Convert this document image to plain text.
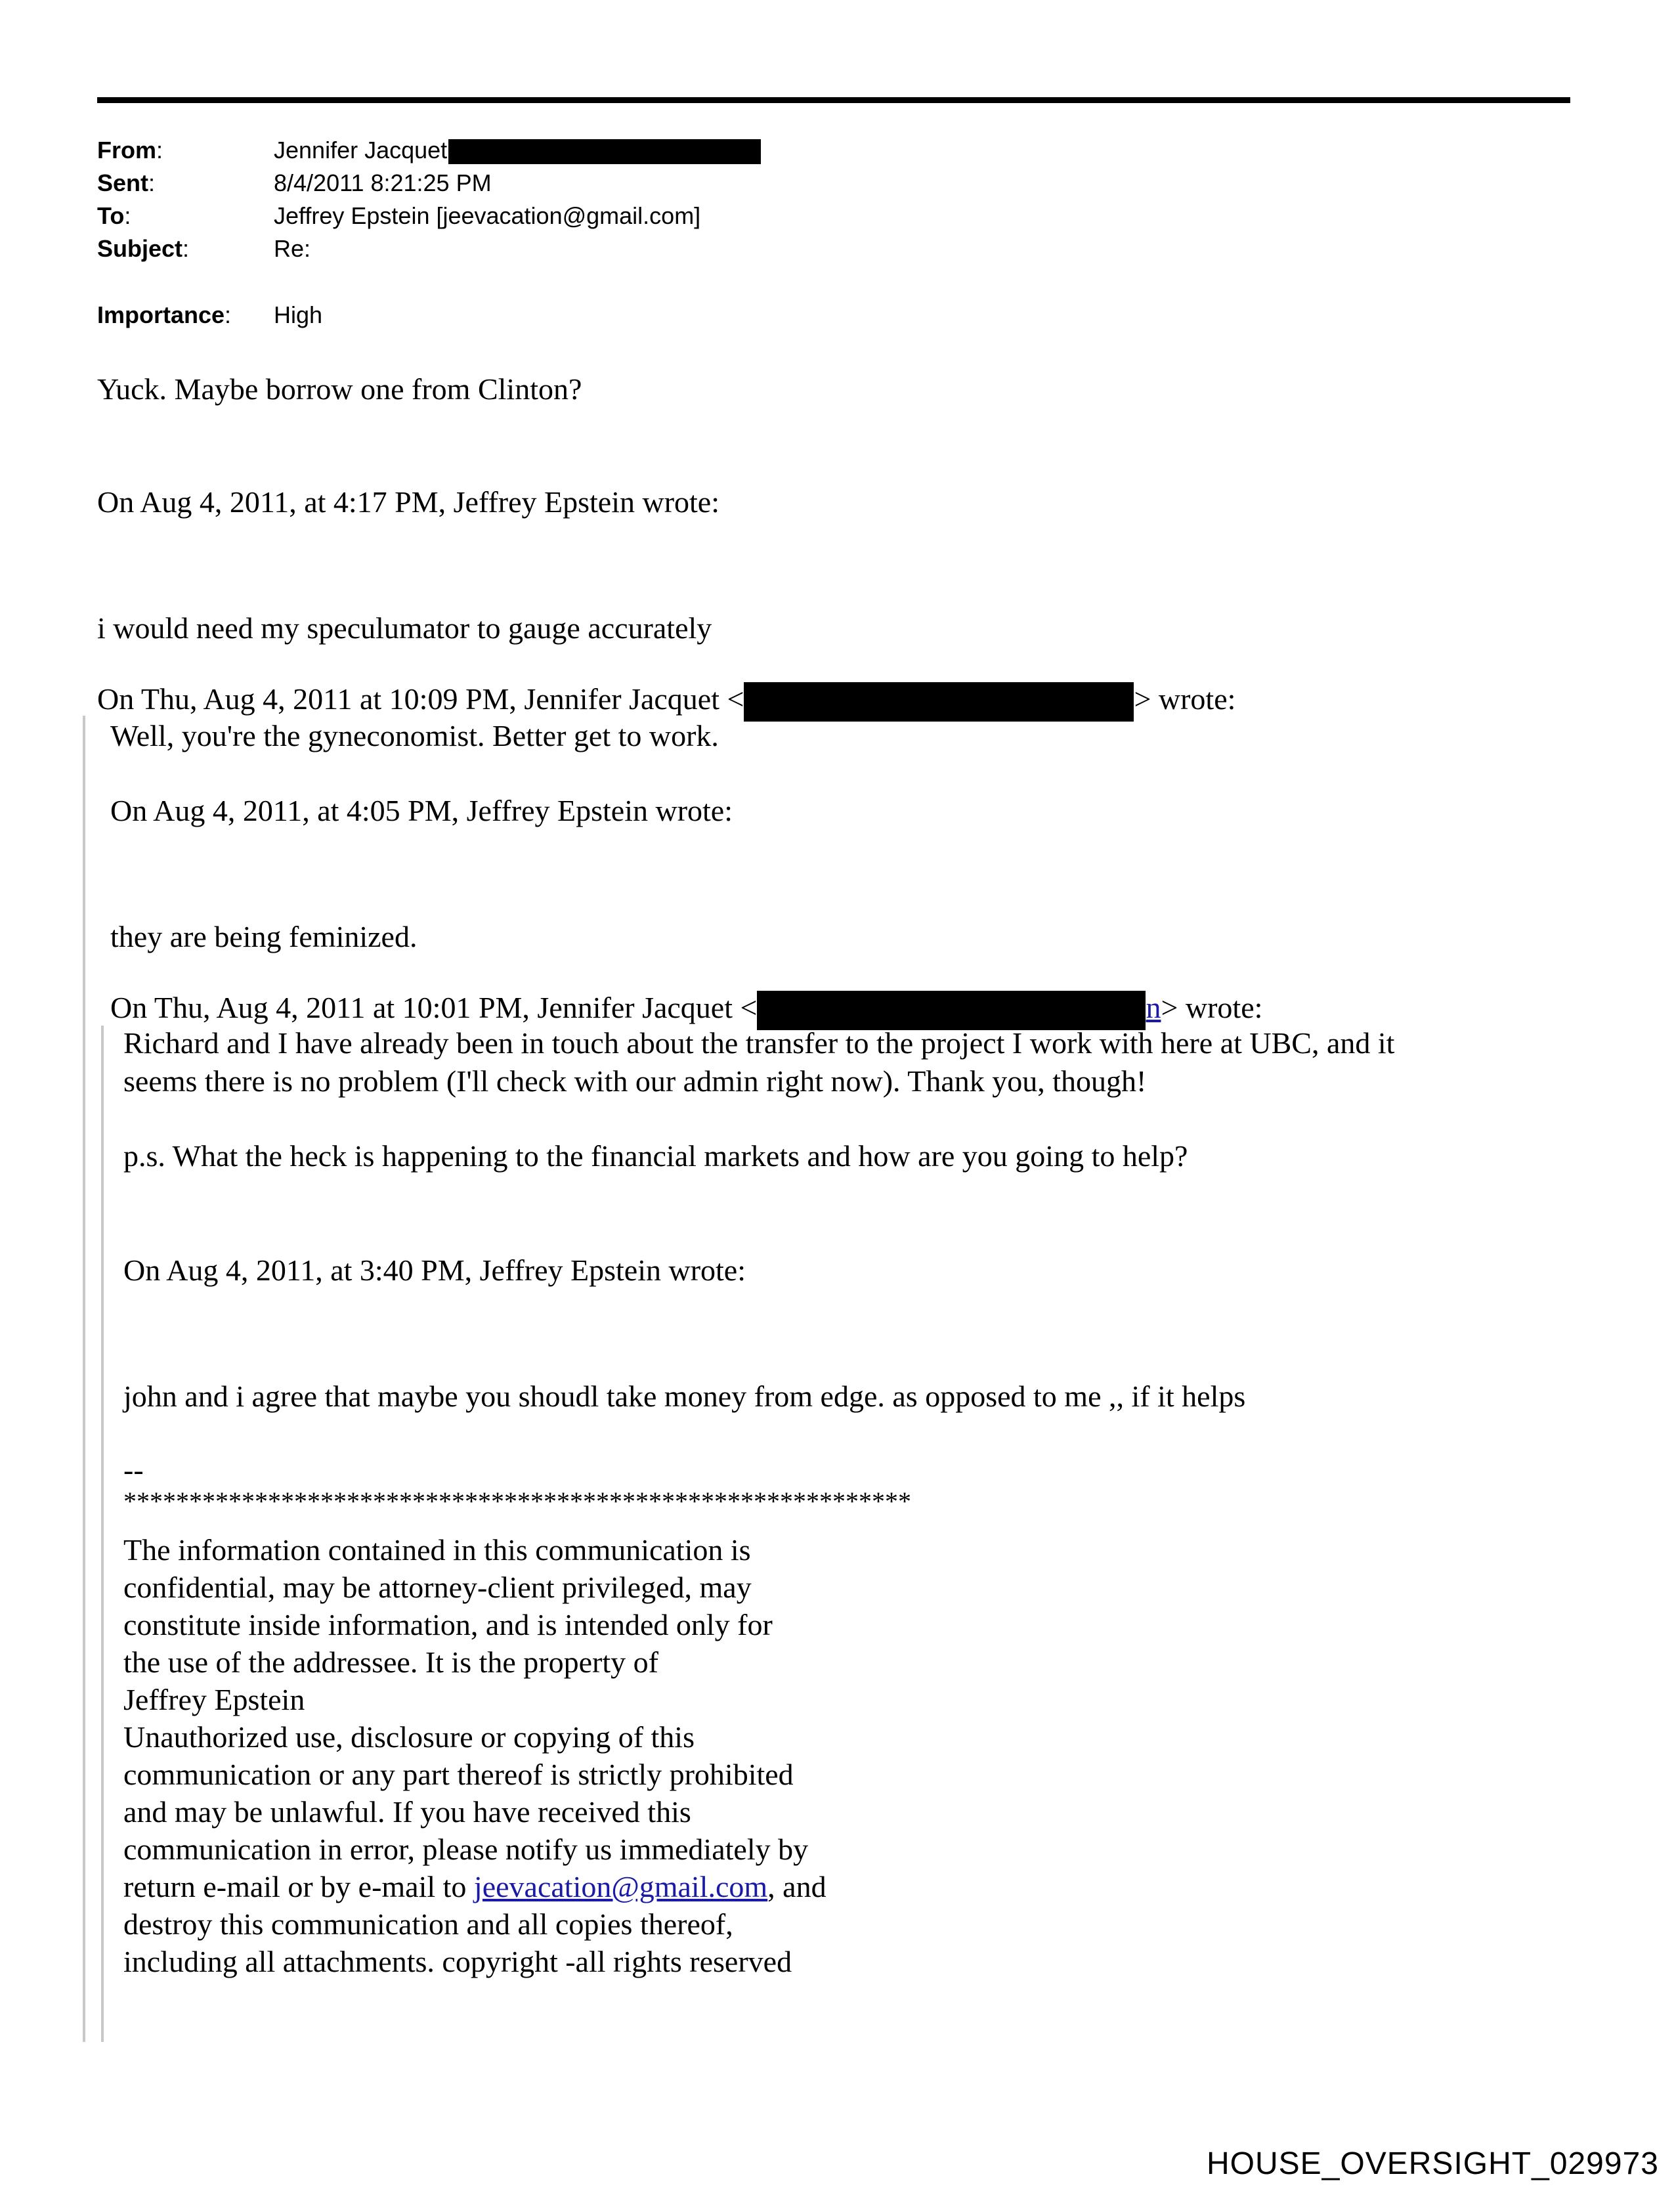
From:	Jennifer Jacquet
Sent:	8/4/2011 8:21:25 PM
To:	Jeffrey Epstein [jeevacation@gmail.com]
Subject:	Re:
Importance: High
Yuck. Maybe borrow one from Clinton?
On Aug 4, 2011, at 4:17 PM, Jeffrey Epstein wrote:
i would need my speculumator to gauge accurately
On Thu, Aug 4, 2011 at 10:09 PM, Jennifer Jacquet <	> wrote:
Well, you're the gyneconomist. Better get to work.
On Aug 4, 2011, at 4:05 PM, Jeffrey Epstein wrote:
they are being feminized.
On Thu, Aug 4, 2011 at 10:01 PM, Jennifer Jacquet <	n> wrote:
Richard and I have already been in touch about the transfer to the project I work with here at UBC, and it
seems there is no problem (I'll check with our admin right now). Thank you, though!
p.s. What the heck is happening to the financial markets and how are you going to help?
On Aug 4, 2011, at 3:40 PM, Jeffrey Epstein wrote:
john and i agree that maybe you shoudl take money from edge. as opposed to me ,, if it helps
--
************************************************************
The information contained in this communication is
confidential, may be attorney-client privileged, may
constitute inside information, and is intended only for
the use of the addressee. It is the property of
Jeffrey Epstein
Unauthorized use, disclosure or copying of this
communication or any part thereof is strictly prohibited
and may be unlawful. If you have received this
communication in error, please notify us immediately by
return e-mail or by e-mail to jeevacation@gmail.com, and
destroy this communication and all copies thereof,
including all attachments. copyright -all rights reserved
HOUSE_OVERSIGHT_029973
